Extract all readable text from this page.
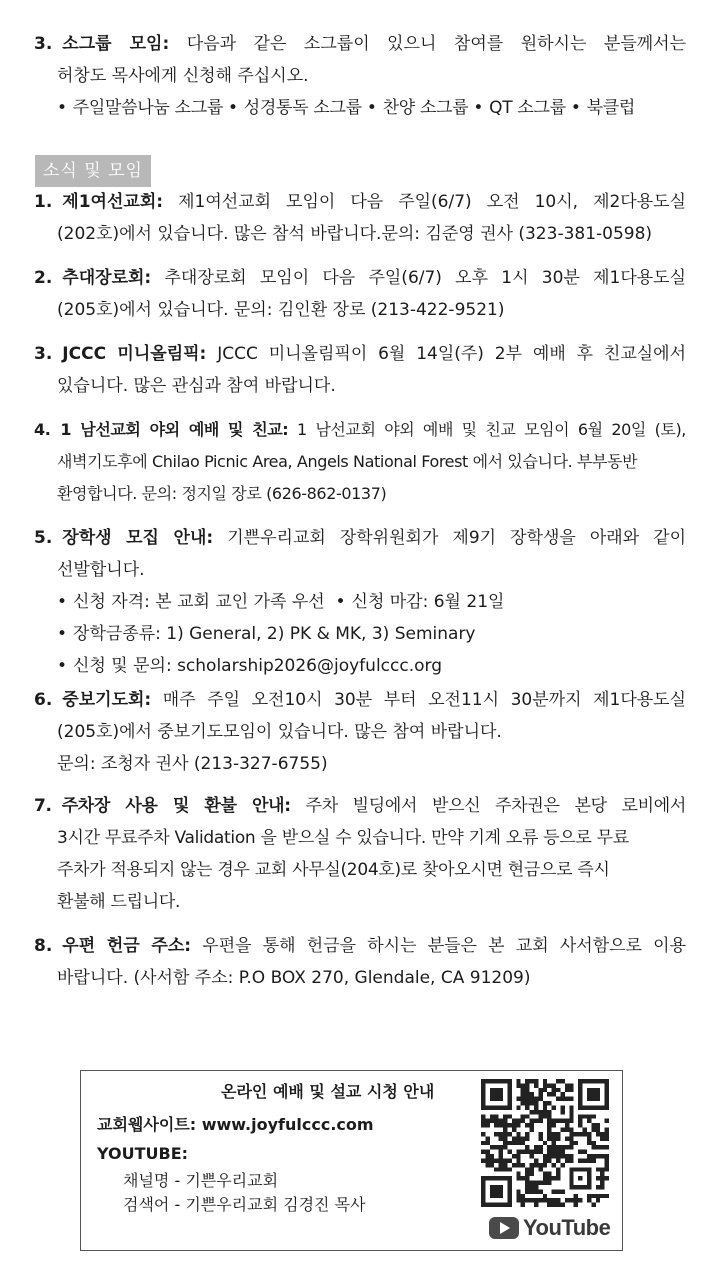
3. 소그룹 모임: 다음과 같은 소그룹이 있으니 참여를 원하시는 분들께서는
허창도 목사에게 신청해 주십시오.
• 주일말씀나눔 소그룹 • 성경통독 소그룹 • 찬양 소그룹 • QT 소그룹 • 북클럽
소식 및 모임
1. 제1여선교회: 제1여선교회 모임이 다음 주일(6/7) 오전 10시, 제2다용도실
(202호)에서 있습니다. 많은 참석 바랍니다.문의: 김준영 권사 (323-381-0598)
2. 추대장로회: 추대장로회 모임이 다음 주일(6/7) 오후 1시 30분 제1다용도실
(205호)에서 있습니다. 문의: 김인환 장로 (213-422-9521)
3. JCCC 미니올림픽: JCCC 미니올림픽이 6월 14일(주) 2부 예배 후 친교실에서
있습니다. 많은 관심과 참여 바랍니다.
4. 1 남선교회 야외 예배 및 친교: 1 남선교회 야외 예배 및 친교 모임이 6월 20일 (토),
새벽기도후에 Chilao Picnic Area, Angels National Forest 에서 있습니다. 부부동반
환영합니다. 문의: 정지일 장로 (626-862-0137)
5. 장학생 모집 안내: 기쁜우리교회 장학위원회가 제9기 장학생을 아래와 같이
선발합니다.
• 신청 자격: 본 교회 교인 가족 우선 • 신청 마감: 6월 21일
• 장학금종류: 1) General, 2) PK & MK, 3) Seminary
• 신청 및 문의: scholarship2026@joyfulccc.org
6. 중보기도회: 매주 주일 오전10시 30분 부터 오전11시 30분까지 제1다용도실
(205호)에서 중보기도모임이 있습니다. 많은 참여 바랍니다.
문의: 조청자 권사 (213-327-6755)
7. 주차장 사용 및 환불 안내: 주차 빌딩에서 받으신 주차권은 본당 로비에서
3시간 무료주차 Validation 을 받으실 수 있습니다. 만약 기계 오류 등으로 무료
주차가 적용되지 않는 경우 교회 사무실(204호)로 찾아오시면 현금으로 즉시
환불해 드립니다.
8. 우편 헌금 주소: 우편을 통해 헌금을 하시는 분들은 본 교회 사서함으로 이용
바랍니다. (사서함 주소: P.O BOX 270, Glendale, CA 91209)
온라인 예배 및 설교 시청 안내
교회웹사이트: www.joyfulccc.com
YOUTUBE:
채널명 - 기쁜우리교회
검색어 - 기쁜우리교회 김경진 목사
YouTube
